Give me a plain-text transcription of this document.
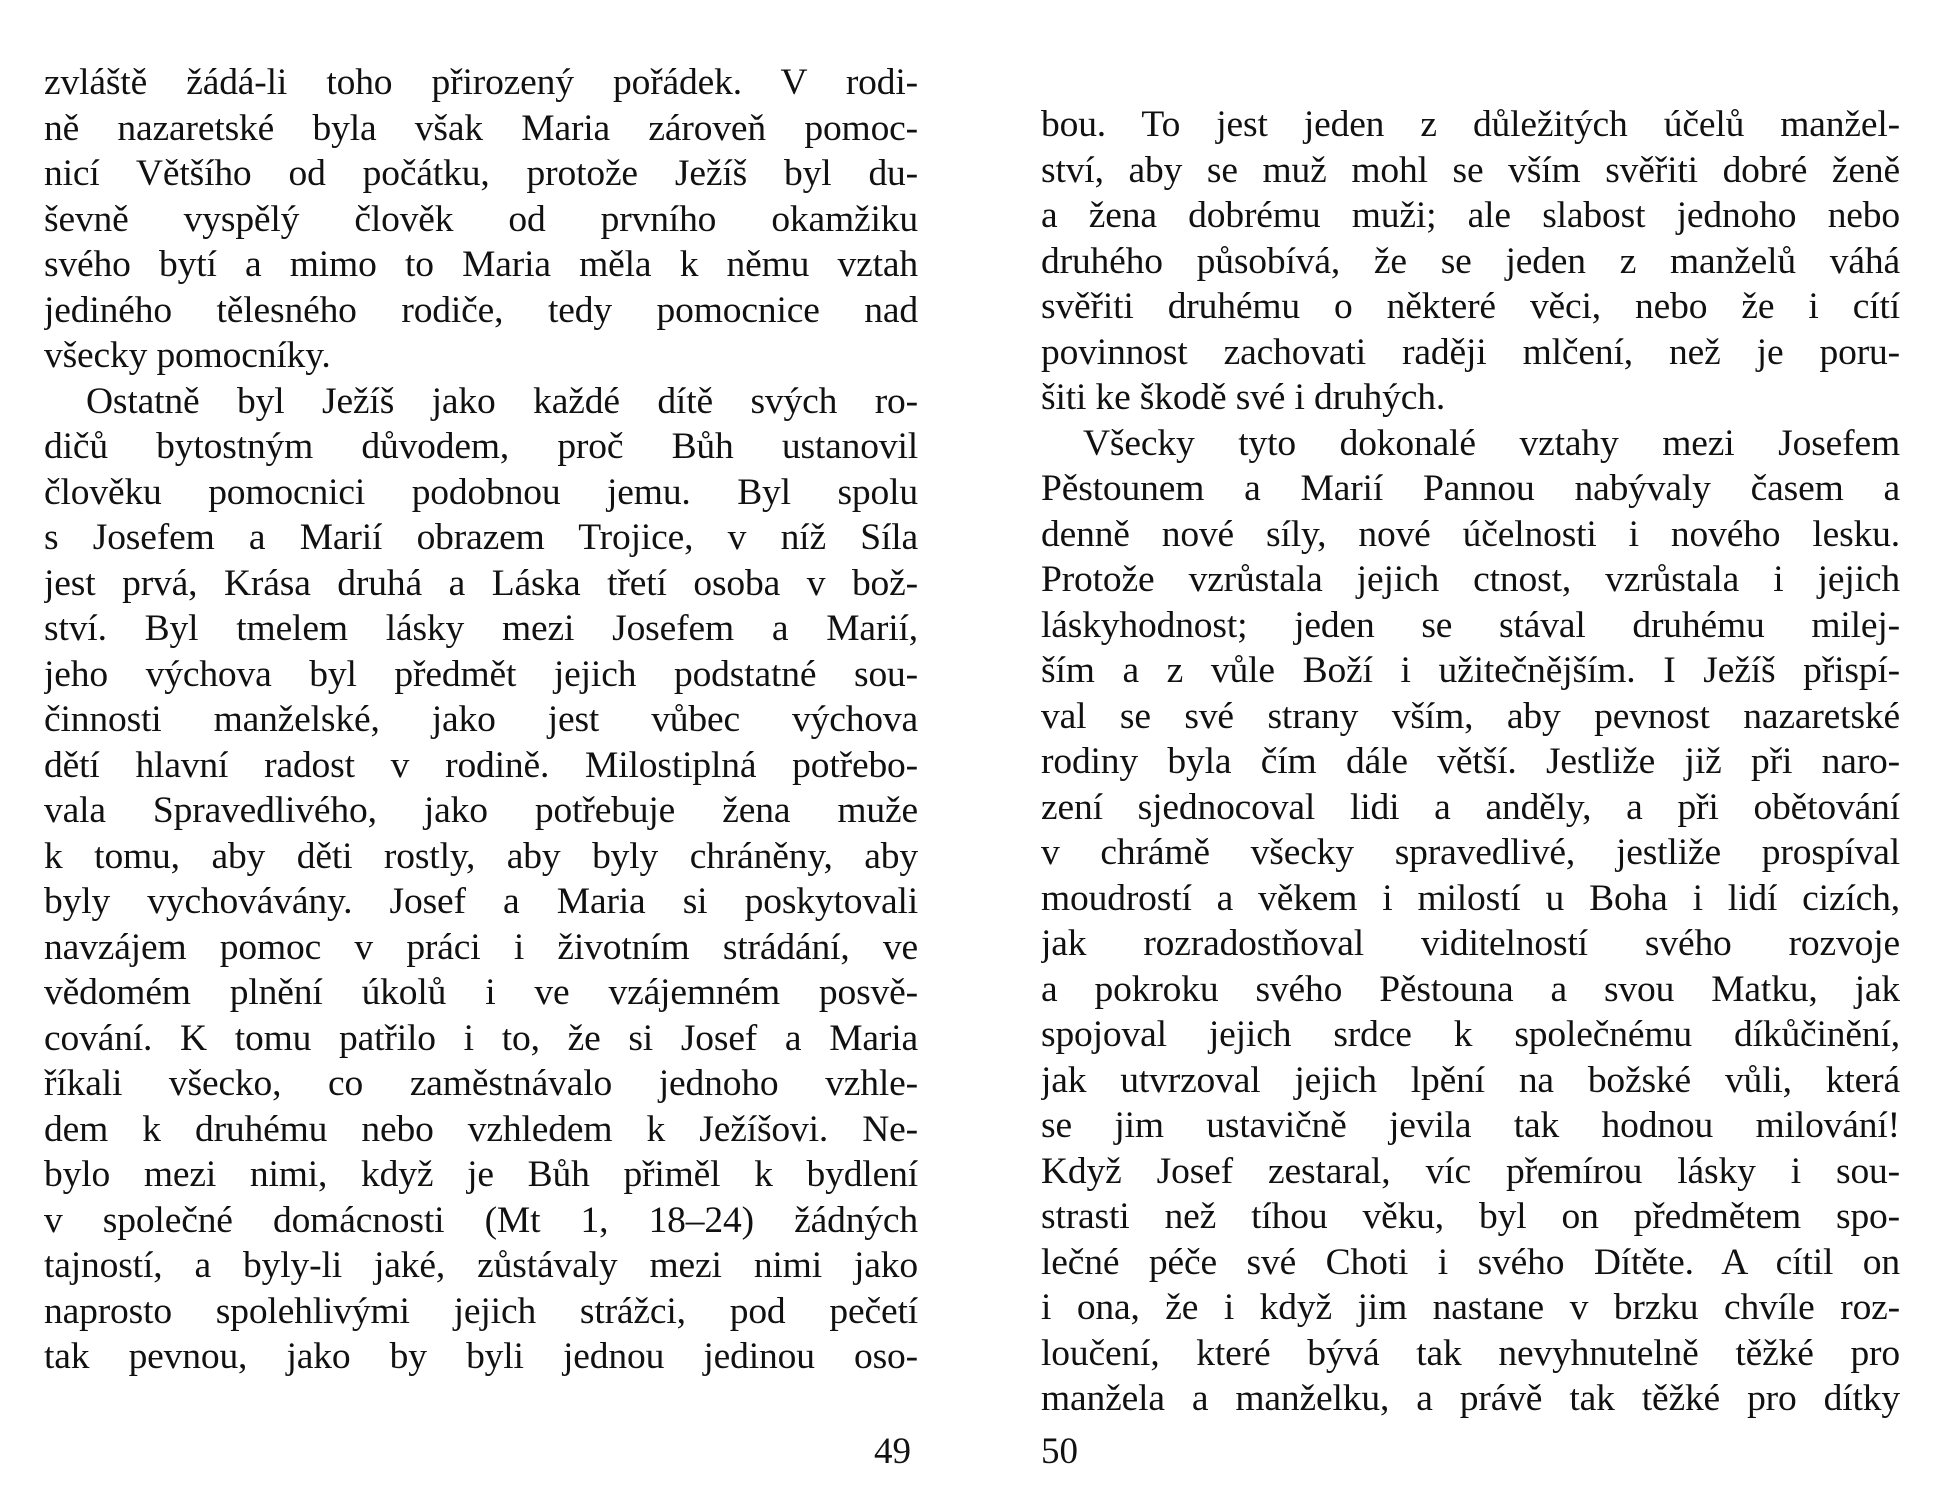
zvláště žádá-li toho přirozený pořádek. V rodi-
ně nazaretské byla však Maria zároveň pomoc-
nicí Většího od počátku, protože Ježíš byl du-
ševně vyspělý člověk od prvního okamžiku
svého bytí a mimo to Maria měla k němu vztah
jediného tělesného rodiče, tedy pomocnice nad
všecky pomocníky.
Ostatně byl Ježíš jako každé dítě svých ro-
dičů bytostným důvodem, proč Bůh ustanovil
člověku pomocnici podobnou jemu. Byl spolu
s Josefem a Marií obrazem Trojice, v níž Síla
jest prvá, Krása druhá a Láska třetí osoba v bož-
ství. Byl tmelem lásky mezi Josefem a Marií,
jeho výchova byl předmět jejich podstatné sou-
činnosti manželské, jako jest vůbec výchova
dětí hlavní radost v rodině. Milostiplná potřebo-
vala Spravedlivého, jako potřebuje žena muže
k tomu, aby děti rostly, aby byly chráněny, aby
byly vychovávány. Josef a Maria si poskytovali
navzájem pomoc v práci i životním strádání, ve
vědomém plnění úkolů i ve vzájemném posvě-
cování. K tomu patřilo i to, že si Josef a Maria
říkali všecko, co zaměstnávalo jednoho vzhle-
dem k druhému nebo vzhledem k Ježíšovi. Ne-
bylo mezi nimi, když je Bůh přiměl k bydlení
v společné domácnosti (Mt 1, 18–24) žádných
tajností, a byly-li jaké, zůstávaly mezi nimi jako
naprosto spolehlivými jejich strážci, pod pečetí
tak pevnou, jako by byli jednou jedinou oso-
49
bou. To jest jeden z důležitých účelů manžel-
ství, aby se muž mohl se vším svěřiti dobré ženě
a žena dobrému muži; ale slabost jednoho nebo
druhého působívá, že se jeden z manželů váhá
svěřiti druhému o některé věci, nebo že i cítí
povinnost zachovati raději mlčení, než je poru-
šiti ke škodě své i druhých.
Všecky tyto dokonalé vztahy mezi Josefem
Pěstounem a Marií Pannou nabývaly časem a
denně nové síly, nové účelnosti i nového lesku.
Protože vzrůstala jejich ctnost, vzrůstala i jejich
láskyhodnost; jeden se stával druhému milej-
ším a z vůle Boží i užitečnějším. I Ježíš přispí-
val se své strany vším, aby pevnost nazaretské
rodiny byla čím dále větší. Jestliže již při naro-
zení sjednocoval lidi a anděly, a při obětování
v chrámě všecky spravedlivé, jestliže prospíval
moudrostí a věkem i milostí u Boha i lidí cizích,
jak rozradostňoval viditelností svého rozvoje
a pokroku svého Pěstouna a svou Matku, jak
spojoval jejich srdce k společnému díkůčinění,
jak utvrzoval jejich lpění na božské vůli, která
se jim ustavičně jevila tak hodnou milování!
Když Josef zestaral, víc přemírou lásky i sou-
strasti než tíhou věku, byl on předmětem spo-
lečné péče své Choti i svého Dítěte. A cítil on
i ona, že i když jim nastane v brzku chvíle roz-
loučení, které bývá tak nevyhnutelně těžké pro
manžela a manželku, a právě tak těžké pro dítky
50
